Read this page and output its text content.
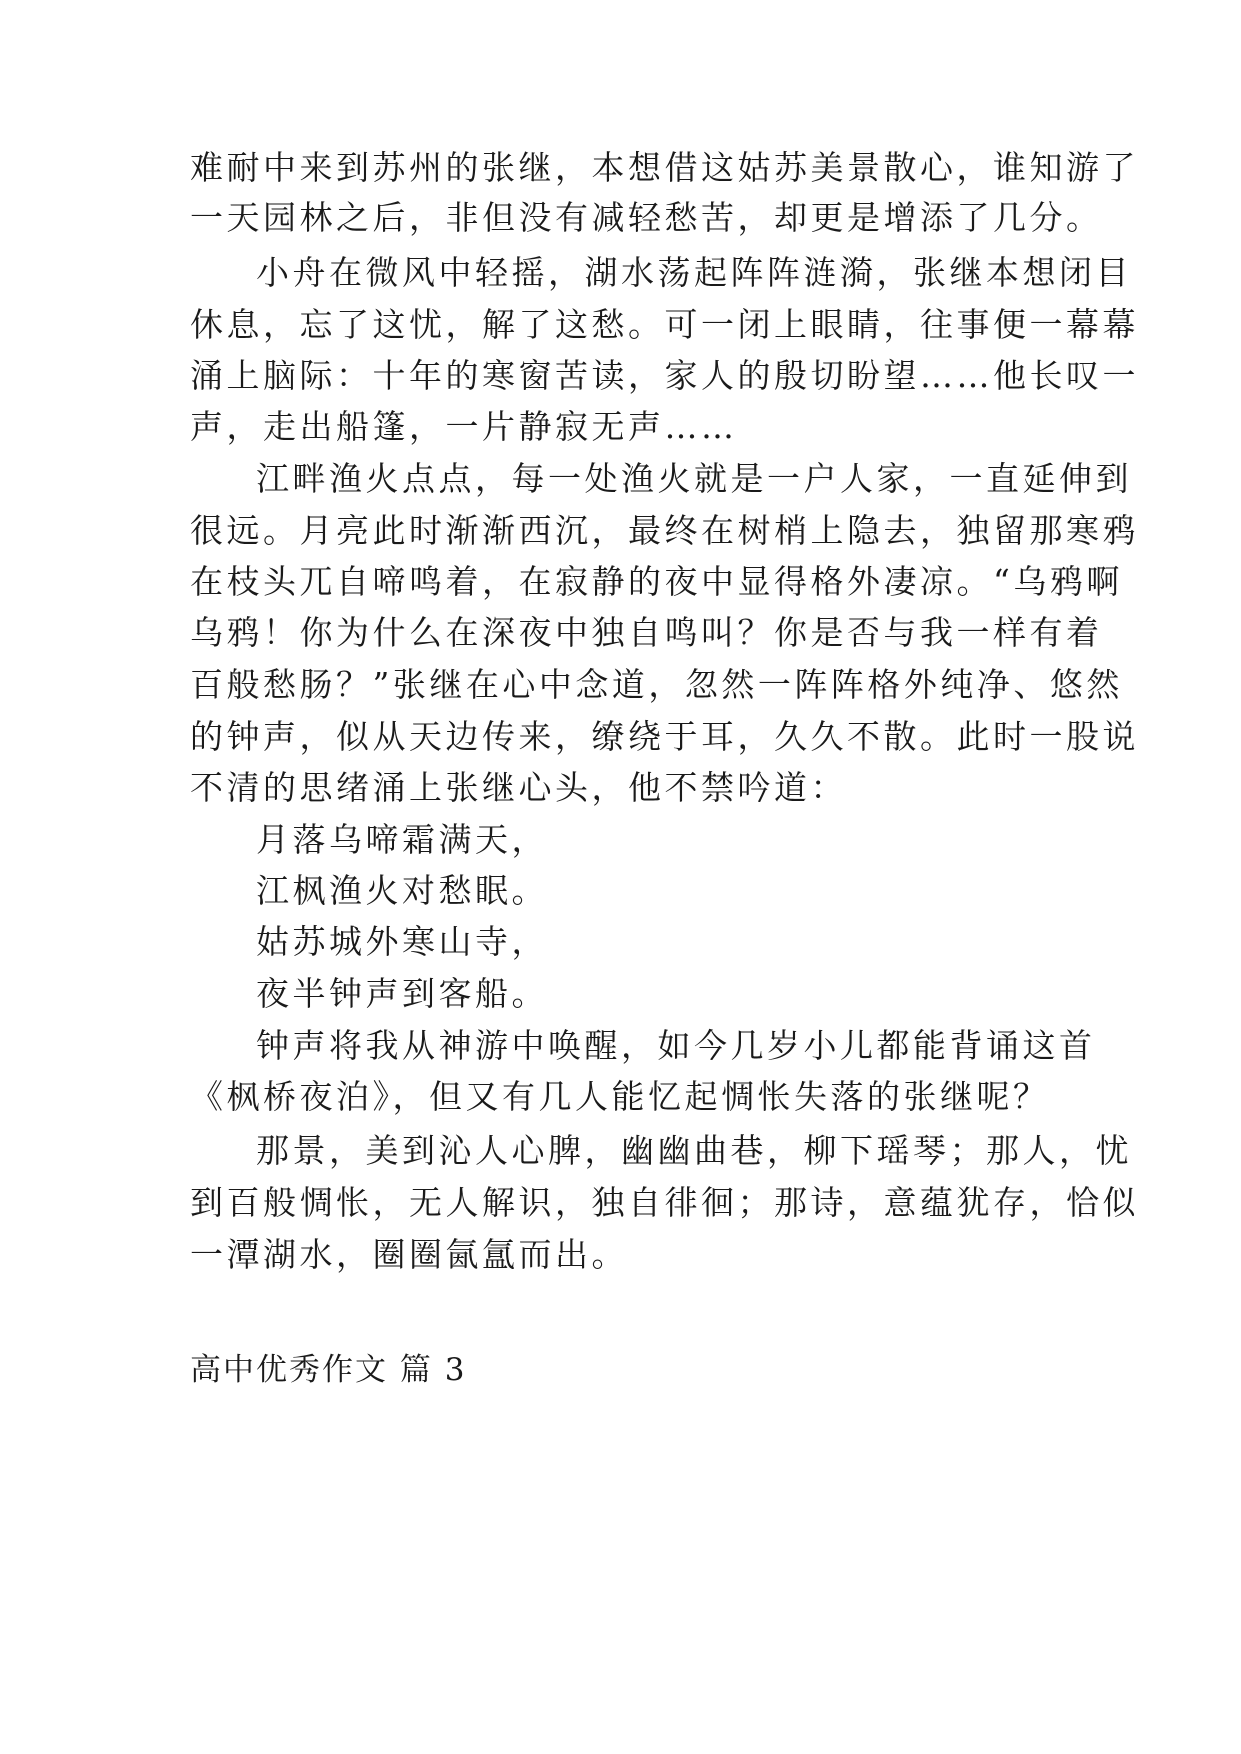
难耐中来到苏州的张继，本想借这姑苏美景散心，谁知游了
一天园林之后，非但没有减轻愁苦，却更是增添了几分。
小舟在微风中轻摇，湖水荡起阵阵涟漪，张继本想闭目
休息，忘了这忧，解了这愁。可一闭上眼睛，往事便一幕幕
涌上脑际：十年的寒窗苦读，家人的殷切盼望……他长叹一
声，走出船篷，一片静寂无声……
江畔渔火点点，每一处渔火就是一户人家，一直延伸到
很远。月亮此时渐渐西沉，最终在树梢上隐去，独留那寒鸦
在枝头兀自啼鸣着，在寂静的夜中显得格外凄凉。“乌鸦啊
乌鸦！你为什么在深夜中独自鸣叫？你是否与我一样有着
百般愁肠？”张继在心中念道，忽然一阵阵格外纯净、悠然
的钟声，似从天边传来，缭绕于耳，久久不散。此时一股说
不清的思绪涌上张继心头，他不禁吟道：
月落乌啼霜满天，
江枫渔火对愁眠。
姑苏城外寒山寺，
夜半钟声到客船。
钟声将我从神游中唤醒，如今几岁小儿都能背诵这首
《枫桥夜泊》，但又有几人能忆起惆怅失落的张继呢？
那景，美到沁人心脾，幽幽曲巷，柳下瑶琴；那人，忧
到百般惆怅，无人解识，独自徘徊；那诗，意蕴犹存，恰似
一潭湖水，圈圈氤氲而出。
高中优秀作文 篇 3
